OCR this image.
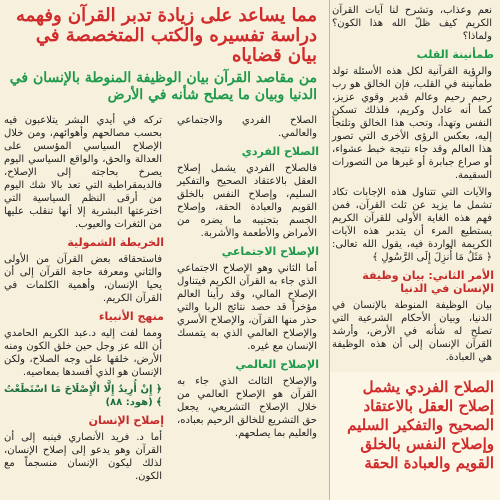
نعم وعذاب، وتشرح لنا آيات القرآن الكريم كيف ظلّ الله هذا الكون؟ ولماذا؟
طمأنينة القلب
والرؤية القرآنية لكل هذه الأسئلة تولد طمأنينة في القلب، فإن الخالق هو رب رحيم رحيم وعالم قدير وقوي عزيز، كما أنه عادل وكريم، فلذلك تسكن النفس وتهدأ، وتحب هذا الخالق وتلتجأ إليه، بعكس الرؤى الأخرى التي تصور هذا العالم وقد جاء نتيجة خبط عشواء، أو صراع جبابرة أو غيرها من التصورات السقيمة.
والآيات التي تتناول هذه الإجابات تكاد تشمل ما يزيد عن ثلث القرآن، فمن فهم هذه الغاية الأولى للقرآن الكريم يستطيع المرء أن يتدبر هذه الآيات الكريمة الواردة فيه، يقول الله تعالى: ﴿ مَثَلُ مَا أُنزِلَ إِلَى الرَّسُولِ ﴾
الأمر الثاني: بيان وظيفة الإنسان في الدنيا
بيان الوظيفة المنوطة بالإنسان في الدنيا، وبيان الأحكام الشرعية التي تصلح له شأنه في الأرض، وأرشد القرآن الإنسان إلى أن هذه الوظيفة هي العبادة.
مما يساعد على زيادة تدبر القرآن وفهمه دراسة تفسيره والكتب المتخصصة في بيان قضاياه
من مقاصد القرآن بيان الوظيفة المنوطة بالإنسان في الدنيا وبيان ما يصلح شأنه في الأرض
الصلاح الفردي والاجتماعي والعالمي.
الصلاح الفردي
فالصلاح الفردي يشمل إصلاح العقل بالاعتقاد الصحيح والتفكير السليم، وإصلاح النفس بالخلق القويم والعبادة الحقة، وإصلاح الجسم بتجنيبه ما يضره من الأمراض والأطعمة والأشربة.
الإصلاح الاجتماعي
أما الثاني وهو الإصلاح الاجتماعي الذي جاء به القرآن الكريم فيتناول الإصلاح المالي، وقد رأينا العالم مؤخراً قد حصد نتائج الربا والتي حذر منها القرآن، والإصلاح الأسري والإصلاح العالمي الذي به يتمسك الإنسان مع غيره.
الإصلاح العالمي
والإصلاح الثالث الذي جاء به القرآن هو الإصلاح العالمي من خلال الإصلاح التشريعي، يجعل حق التشريع للخالق الرحيم بعباده، والعليم بما يصلحهم.
تركه في أيدي البشر يتلاعبون فيه بحسب مصالحهم وأهوائهم، ومن خلال الإصلاح السياسي المؤسس على العدالة والحق، والواقع السياسي اليوم يصرخ بحاجته إلى الإصلاح، فالديمقراطية التي تعد بالا شك اليوم من أرقى النظم السياسية التي اخترعتها البشرية إلا أنها تنقلب عليها من الثغرات والعيوب.
الخريطة الشمولية
فاستحقاقه بعض القرآن من الأولى والثاني ومعرفة حاجة القرآن إلى أن يحيا الإنسان، وأهمية الكلمات في القرآن الكريم.
منهج الأنبياء
ومما لفت إليه د.عبد الكريم الحامدي أن الله عز وجل حين خلق الكون ومنه الأرض، خلقها على وجه الصلاح، ولكن الإنسان هو الذي أفسدها بمعاصيه.
﴿ إِنْ أُرِيدُ إِلَّا الْإِصْلَاحَ مَا اسْتَطَعْتُ ﴾ (هود: ٨٨)
إصلاح الإنسان
أما د. فريد الأنصاري فينبه إلى أن القرآن وهو يدعو إلى إصلاح الإنسان، لذلك ليكون الإنسان منسجماً مع الكون.
الصلاح الفردي يشمل إصلاح العقل بالاعتقاد الصحيح والتفكير السليم وإصلاح النفس بالخلق القويم والعبادة الحقة
